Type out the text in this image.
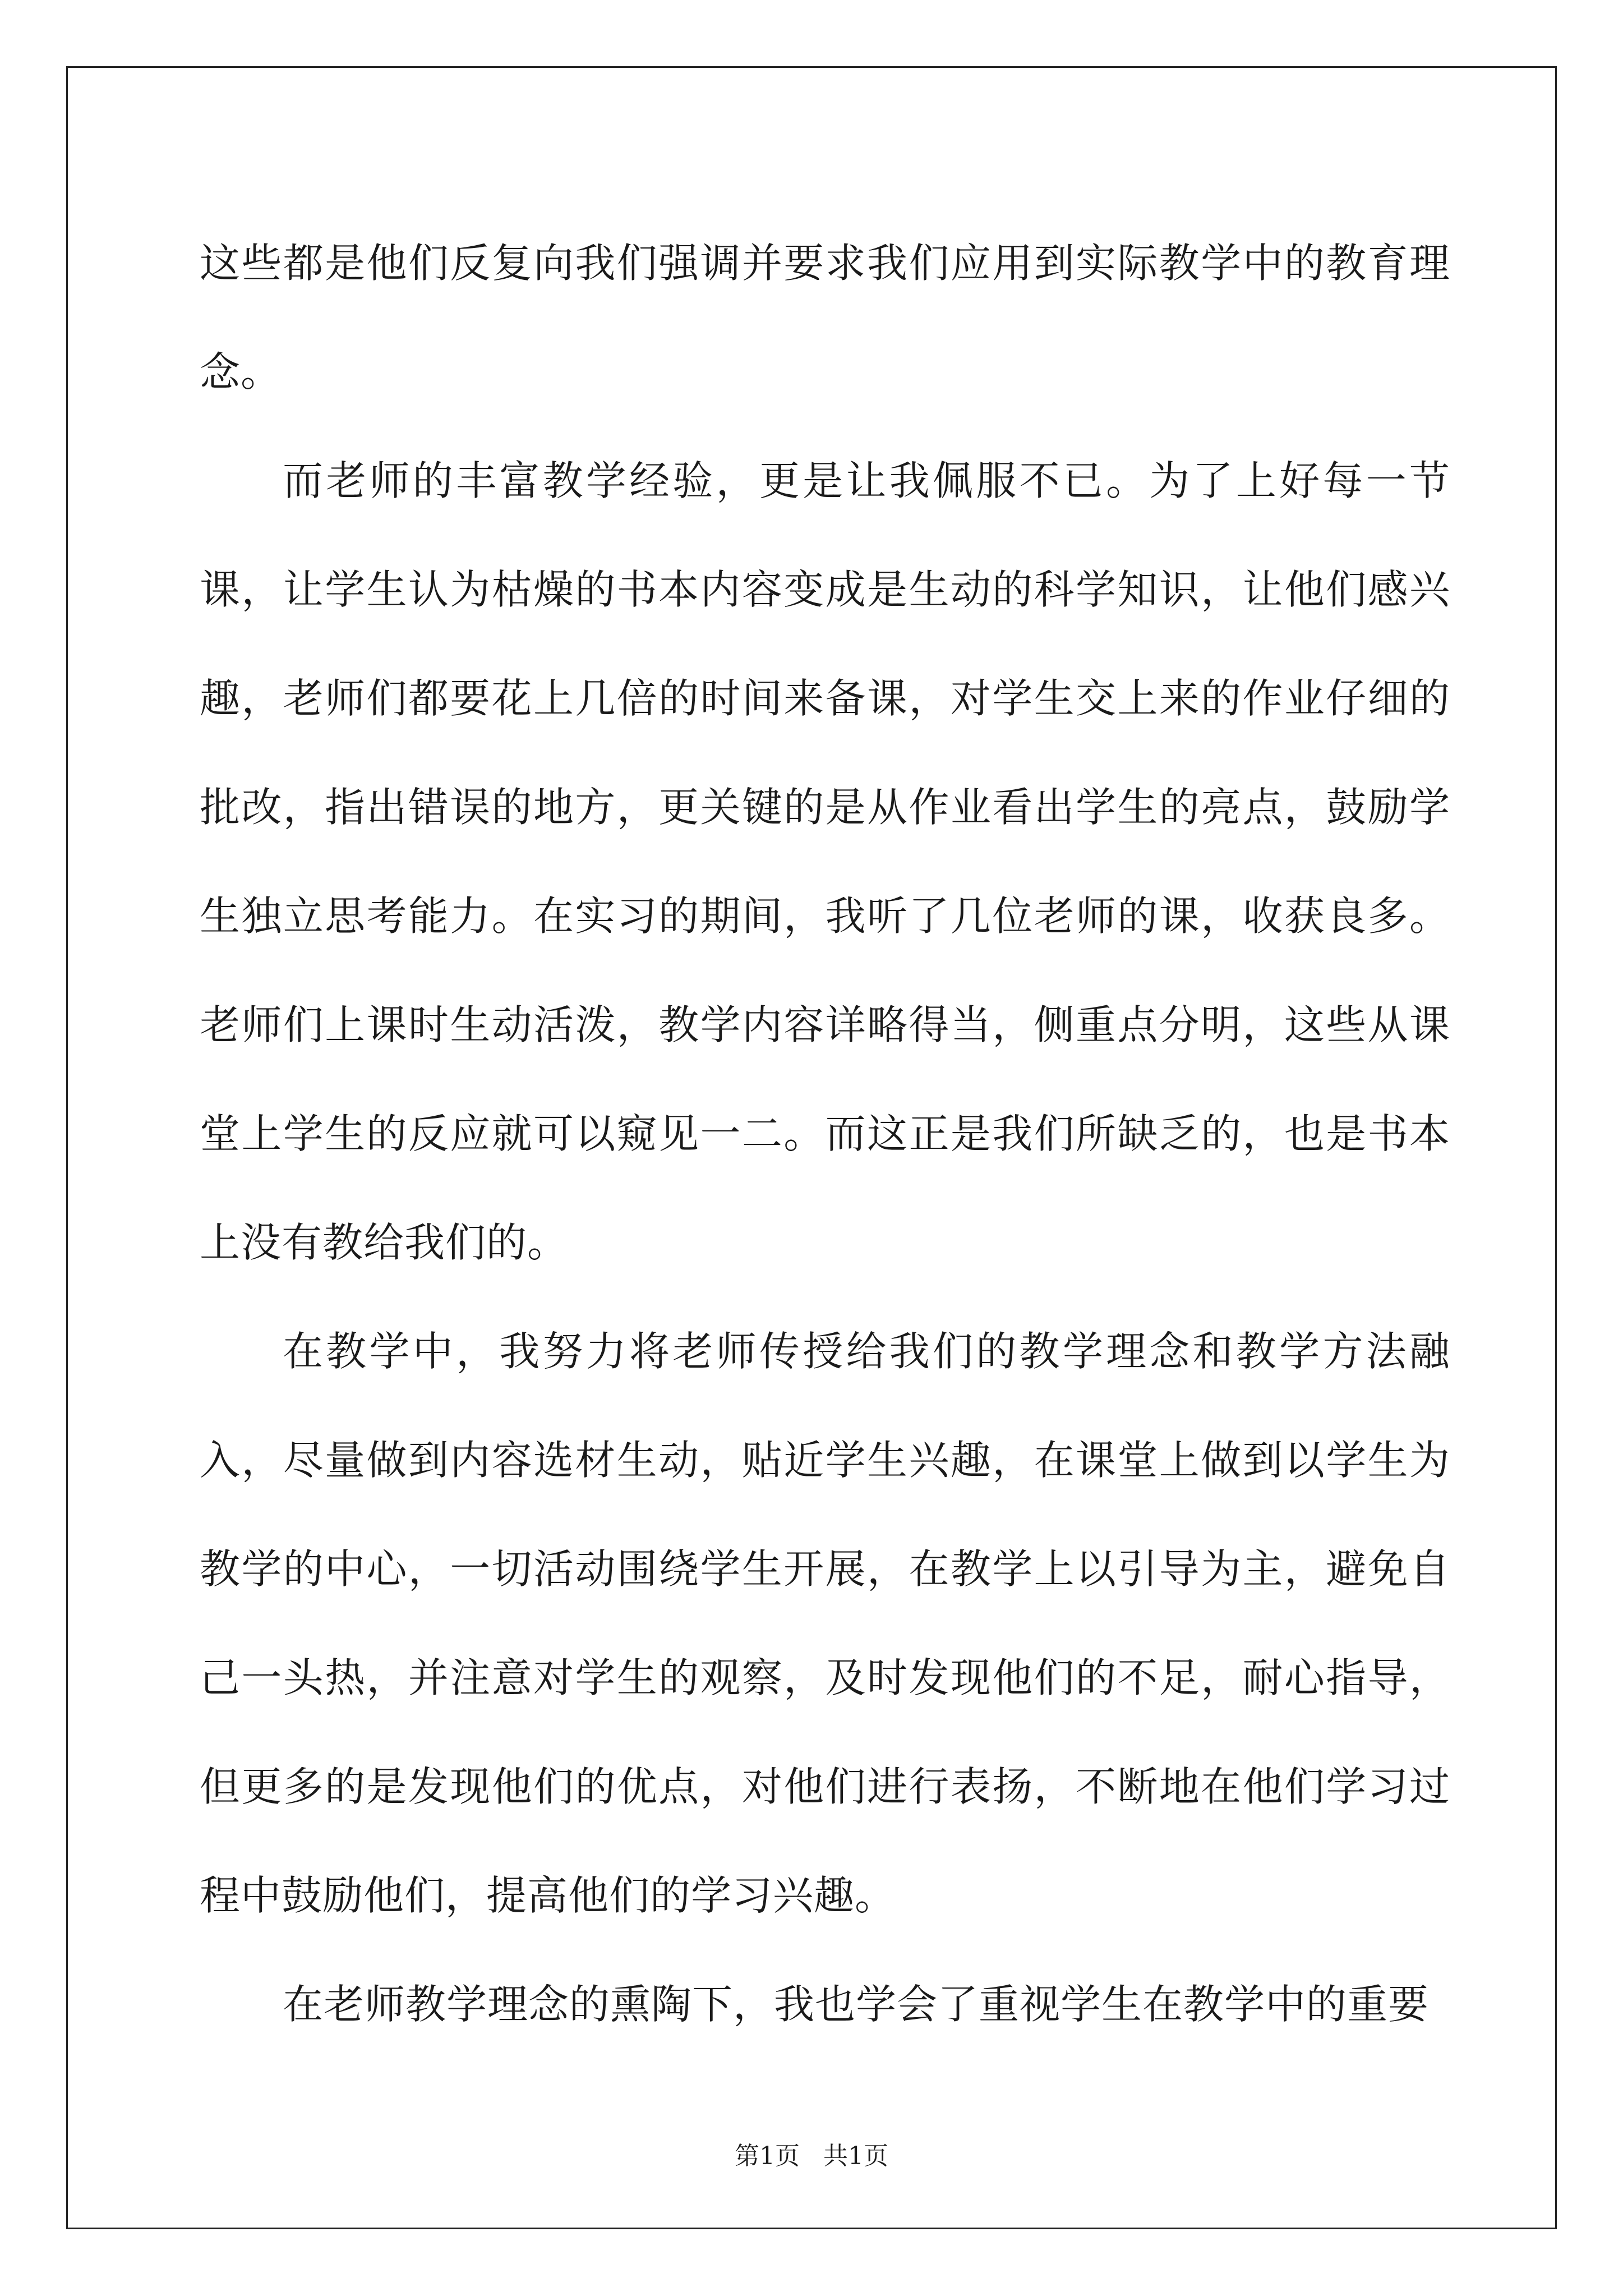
这些都是他们反复向我们强调并要求我们应用到实际教学中的教育理念。

而老师的丰富教学经验，更是让我佩服不已。为了上好每一节课，让学生认为枯燥的书本内容变成是生动的科学知识，让他们感兴趣，老师们都要花上几倍的时间来备课，对学生交上来的作业仔细的批改，指出错误的地方，更关键的是从作业看出学生的亮点，鼓励学生独立思考能力。在实习的期间，我听了几位老师的课，收获良多。老师们上课时生动活泼，教学内容详略得当，侧重点分明，这些从课堂上学生的反应就可以窥见一二。而这正是我们所缺乏的，也是书本上没有教给我们的。

在教学中，我努力将老师传授给我们的教学理念和教学方法融入，尽量做到内容选材生动，贴近学生兴趣，在课堂上做到以学生为教学的中心，一切活动围绕学生开展，在教学上以引导为主，避免自己一头热，并注意对学生的观察，及时发现他们的不足，耐心指导，但更多的是发现他们的优点，对他们进行表扬，不断地在他们学习过程中鼓励他们，提高他们的学习兴趣。

在老师教学理念的熏陶下，我也学会了重视学生在教学中的重要

第1页 共1页
